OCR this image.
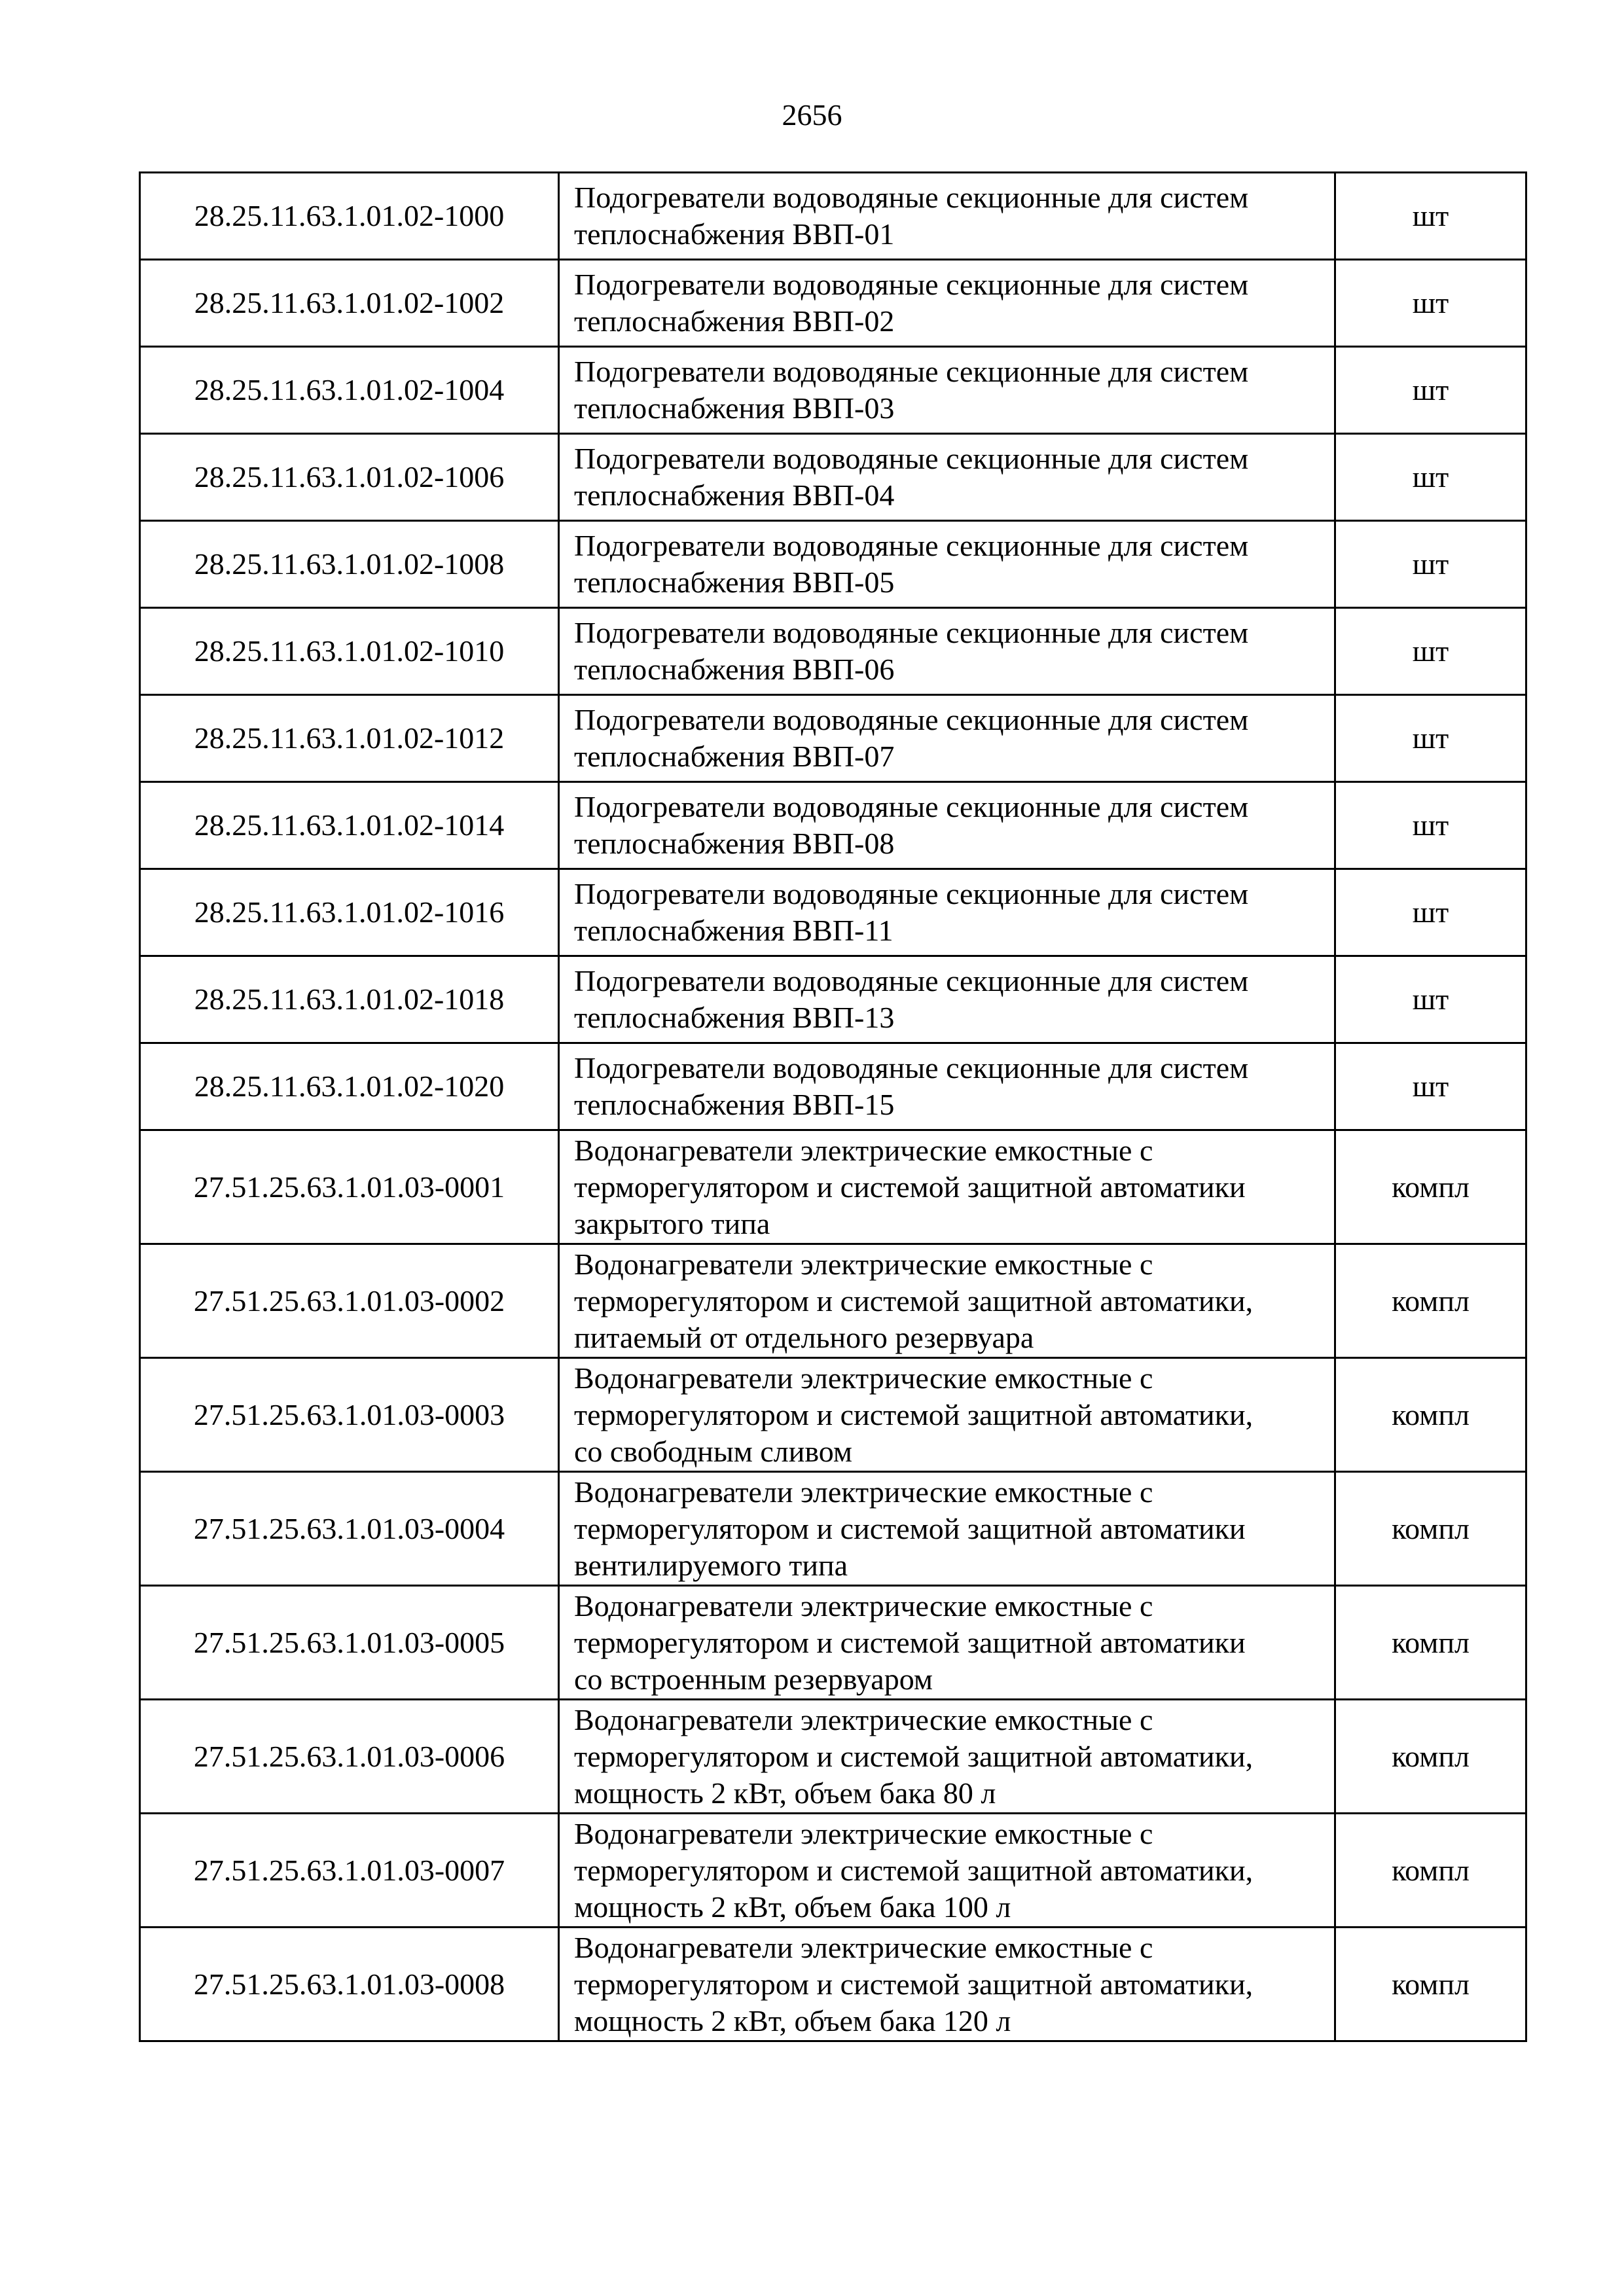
2656
28.25.11.63.1.01.02-1000	Подогреватели водоводяные секционные для систем
теплоснабжения ВВП-01	шт
28.25.11.63.1.01.02-1002	Подогреватели водоводяные секционные для систем
теплоснабжения ВВП-02	шт
28.25.11.63.1.01.02-1004	Подогреватели водоводяные секционные для систем
теплоснабжения ВВП-03	шт
28.25.11.63.1.01.02-1006	Подогреватели водоводяные секционные для систем
теплоснабжения ВВП-04	шт
28.25.11.63.1.01.02-1008	Подогреватели водоводяные секционные для систем
теплоснабжения ВВП-05	шт
28.25.11.63.1.01.02-1010	Подогреватели водоводяные секционные для систем
теплоснабжения ВВП-06	шт
28.25.11.63.1.01.02-1012	Подогреватели водоводяные секционные для систем
теплоснабжения ВВП-07	шт
28.25.11.63.1.01.02-1014	Подогреватели водоводяные секционные для систем
теплоснабжения ВВП-08	шт
28.25.11.63.1.01.02-1016	Подогреватели водоводяные секционные для систем
теплоснабжения ВВП-11	шт
28.25.11.63.1.01.02-1018	Подогреватели водоводяные секционные для систем
теплоснабжения ВВП-13	шт
28.25.11.63.1.01.02-1020	Подогреватели водоводяные секционные для систем
теплоснабжения ВВП-15	шт
27.51.25.63.1.01.03-0001	Водонагреватели электрические емкостные с
терморегулятором и системой защитной автоматики
закрытого типа	компл
27.51.25.63.1.01.03-0002	Водонагреватели электрические емкостные с
терморегулятором и системой защитной автоматики,
питаемый от отдельного резервуара	компл
27.51.25.63.1.01.03-0003	Водонагреватели электрические емкостные с
терморегулятором и системой защитной автоматики,
со свободным сливом	компл
27.51.25.63.1.01.03-0004	Водонагреватели электрические емкостные с
терморегулятором и системой защитной автоматики
вентилируемого типа	компл
27.51.25.63.1.01.03-0005	Водонагреватели электрические емкостные с
терморегулятором и системой защитной автоматики
со встроенным резервуаром	компл
27.51.25.63.1.01.03-0006	Водонагреватели электрические емкостные с
терморегулятором и системой защитной автоматики,
мощность 2 кВт, объем бака 80 л	компл
27.51.25.63.1.01.03-0007	Водонагреватели электрические емкостные с
терморегулятором и системой защитной автоматики,
мощность 2 кВт, объем бака 100 л	компл
27.51.25.63.1.01.03-0008	Водонагреватели электрические емкостные с
терморегулятором и системой защитной автоматики,
мощность 2 кВт, объем бака 120 л	компл
